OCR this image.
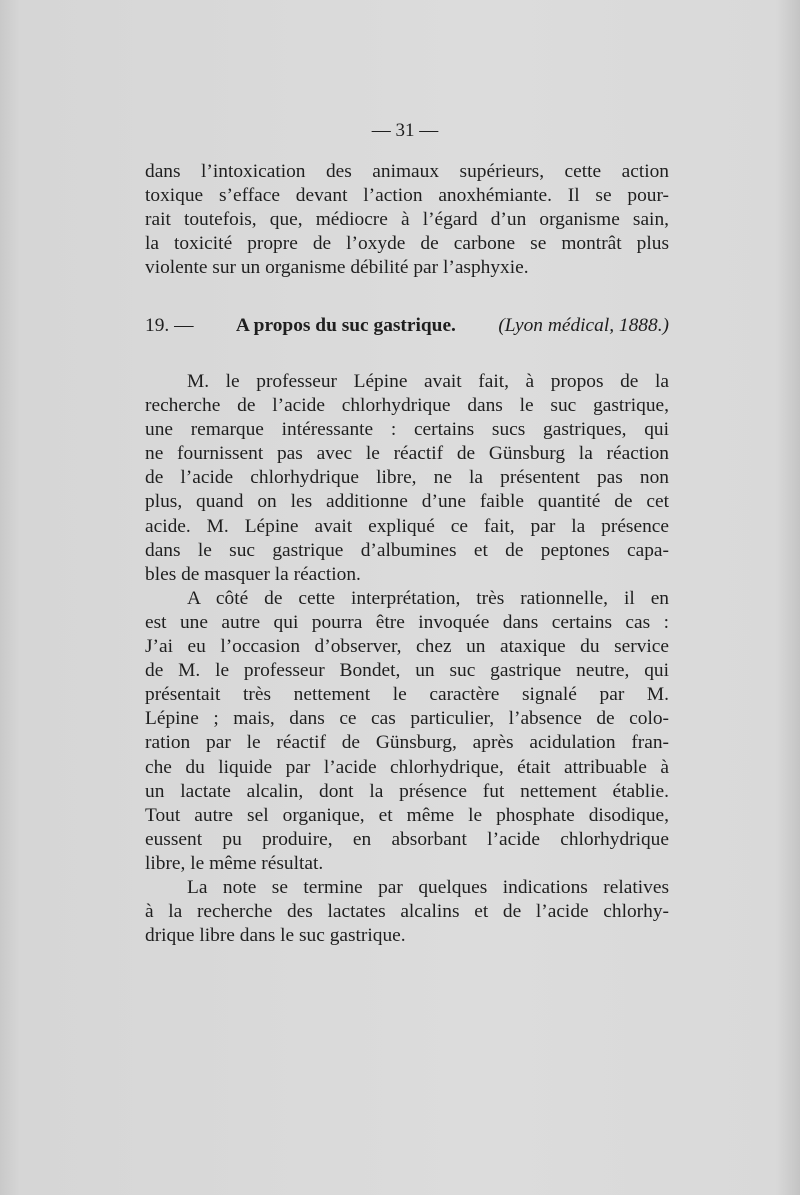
— 31 —
dans l’intoxication des animaux supérieurs, cette action
toxique s’efface devant l’action anoxhémiante. Il se pour-
rait toutefois, que, médiocre à l’égard d’un organisme sain,
la toxicité propre de l’oxyde de carbone se montrât plus
violente sur un organisme débilité par l’asphyxie.
19. — A propos du suc gastrique. (Lyon médical, 1888.)
M. le professeur Lépine avait fait, à propos de la
recherche de l’acide chlorhydrique dans le suc gastrique,
une remarque intéressante : certains sucs gastriques, qui
ne fournissent pas avec le réactif de Günsburg la réaction
de l’acide chlorhydrique libre, ne la présentent pas non
plus, quand on les additionne d’une faible quantité de cet
acide. M. Lépine avait expliqué ce fait, par la présence
dans le suc gastrique d’albumines et de peptones capa-
bles de masquer la réaction.
A côté de cette interprétation, très rationnelle, il en
est une autre qui pourra être invoquée dans certains cas :
J’ai eu l’occasion d’observer, chez un ataxique du service
de M. le professeur Bondet, un suc gastrique neutre, qui
présentait très nettement le caractère signalé par M.
Lépine ; mais, dans ce cas particulier, l’absence de colo-
ration par le réactif de Günsburg, après acidulation fran-
che du liquide par l’acide chlorhydrique, était attribuable à
un lactate alcalin, dont la présence fut nettement établie.
Tout autre sel organique, et même le phosphate disodique,
eussent pu produire, en absorbant l’acide chlorhydrique
libre, le même résultat.
La note se termine par quelques indications relatives
à la recherche des lactates alcalins et de l’acide chlorhy-
drique libre dans le suc gastrique.
